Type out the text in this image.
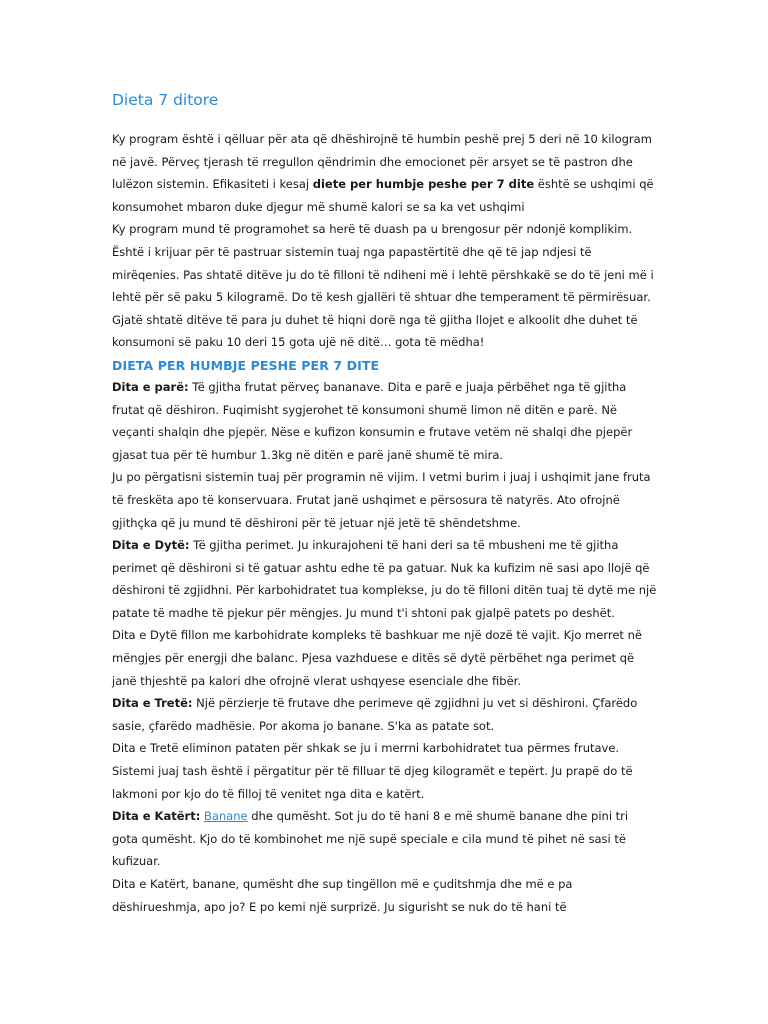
Dieta 7 ditore

Ky program është i qëlluar për ata që dhëshirojnë të humbin peshë prej 5 deri në 10 kilogram në javë. Përveç tjerash të rregullon qëndrimin dhe emocionet për arsyet se të pastron dhe lulëzon sistemin. Efikasiteti i kesaj diete per humbje peshe per 7 dite është se ushqimi që konsumohet mbaron duke djegur më shumë kalori se sa ka vet ushqimi

Ky program mund të programohet sa herë të duash pa u brengosur për ndonjë komplikim. Është i krijuar për të pastruar sistemin tuaj nga papastërtitë dhe që të jap ndjesi të mirëqenies. Pas shtatë ditëve ju do të filloni të ndiheni më i lehtë përshkakë se do të jeni më i lehtë për së paku 5 kilogramë. Do të kesh gjallëri të shtuar dhe temperament të përmirësuar.

Gjatë shtatë ditëve të para ju duhet të hiqni dorë nga të gjitha llojet e alkoolit dhe duhet të konsumoni së paku 10 deri 15 gota ujë në ditë… gota të mëdha!

DIETA PER HUMBJE PESHE PER 7 DITE

Dita e parë: Të gjitha frutat përveç bananave. Dita e parë e juaja përbëhet nga të gjitha frutat që dëshiron. Fuqimisht sygjerohet të konsumoni shumë limon në ditën e parë. Në veçanti shalqin dhe pjepër. Nëse e kufizon konsumin e frutave vetëm në shalqi dhe pjepër gjasat tua për të humbur 1.3kg në ditën e parë janë shumë të mira.

Ju po përgatisni sistemin tuaj për programin në vijim. I vetmi burim i juaj i ushqimit jane fruta të freskëta apo të konservuara. Frutat janë ushqimet e përsosura të natyrës. Ato ofrojnë gjithçka që ju mund të dëshironi për të jetuar një jetë të shëndetshme.

Dita e Dytë: Të gjitha perimet. Ju inkurajoheni të hani deri sa të mbusheni me të gjitha perimet që dëshironi si të gatuar ashtu edhe të pa gatuar. Nuk ka kufizim në sasi apo llojë që dëshironi të zgjidhni. Për karbohidratet tua komplekse, ju do të filloni ditën tuaj të dytë me një patate të madhe të pjekur për mëngjes. Ju mund t'i shtoni pak gjalpë patets po deshët.

Dita e Dytë fillon me karbohidrate kompleks të bashkuar me një dozë të vajit. Kjo merret në mëngjes për energji dhe balanc. Pjesa vazhduese e ditës së dytë përbëhet nga perimet që janë thjeshtë pa kalori dhe ofrojnë vlerat ushqyese esenciale dhe fibër.

Dita e Tretë: Një përzierje të frutave dhe perimeve që zgjidhni ju vet si dëshironi. Çfarëdo sasie, çfarëdo madhësie. Por akoma jo banane. S'ka as patate sot.

Dita e Tretë eliminon pataten për shkak se ju i merrni karbohidratet tua përmes frutave. Sistemi juaj tash është i përgatitur për të filluar të djeg kilogramët e tepërt. Ju prapë do të lakmoni por kjo do të filloj të venitet nga dita e katërt.

Dita e Katërt: Banane dhe qumësht. Sot ju do të hani 8 e më shumë banane dhe pini tri gota qumësht. Kjo do të kombinohet me një supë speciale e cila mund të pihet në sasi të kufizuar.

Dita e Katërt, banane, qumësht dhe sup tingëllon më e çuditshmja dhe më e pa dëshirueshmja, apo jo? E po kemi një surprizë. Ju sigurisht se nuk do të hani të
